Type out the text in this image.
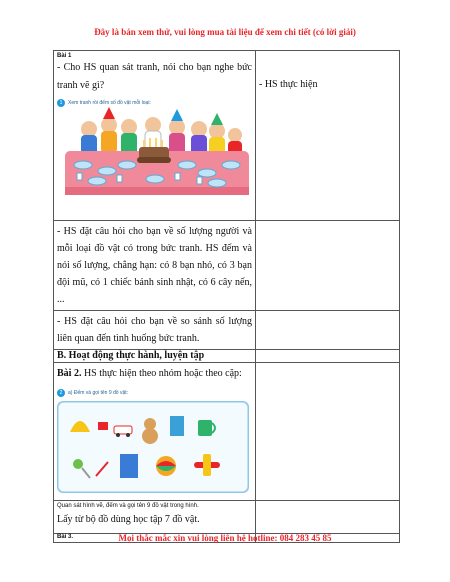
Đây là bản xem thử, vui lòng mua tài liệu để xem chi tiết (có lời giải)
Bài 1
- Cho HS quan sát tranh, nói cho bạn nghe bức tranh vẽ gì?
1 Xem tranh rồi đếm số đồ vật mỗi loại:	- HS thực hiện

- HS đặt câu hỏi cho bạn về số lượng người và mỗi loại đồ vật có trong bức tranh. HS đếm và nói số lượng, chẳng hạn: có 8 bạn nhỏ, có 3 bạn đội mũ, có 1 chiếc bánh sinh nhật, có 6 cây nến, ...	

- HS đặt câu hỏi cho bạn về so sánh số lượng liên quan đến tình huống bức tranh.	

B. Hoạt động thực hành, luyện tập	

Bài 2. HS thực hiện theo nhóm hoặc theo cặp:
2 a) Đếm và gọi tên 9 đồ vật:	

Quan sát hình vẽ, đếm và gọi tên 9 đồ vật trong hình.
Lấy từ bộ đồ dùng học tập 7 đồ vật.	

Bài 3.	
		Mọi thắc mắc xin vui lòng liên hệ hotline: 084 283 45 85
